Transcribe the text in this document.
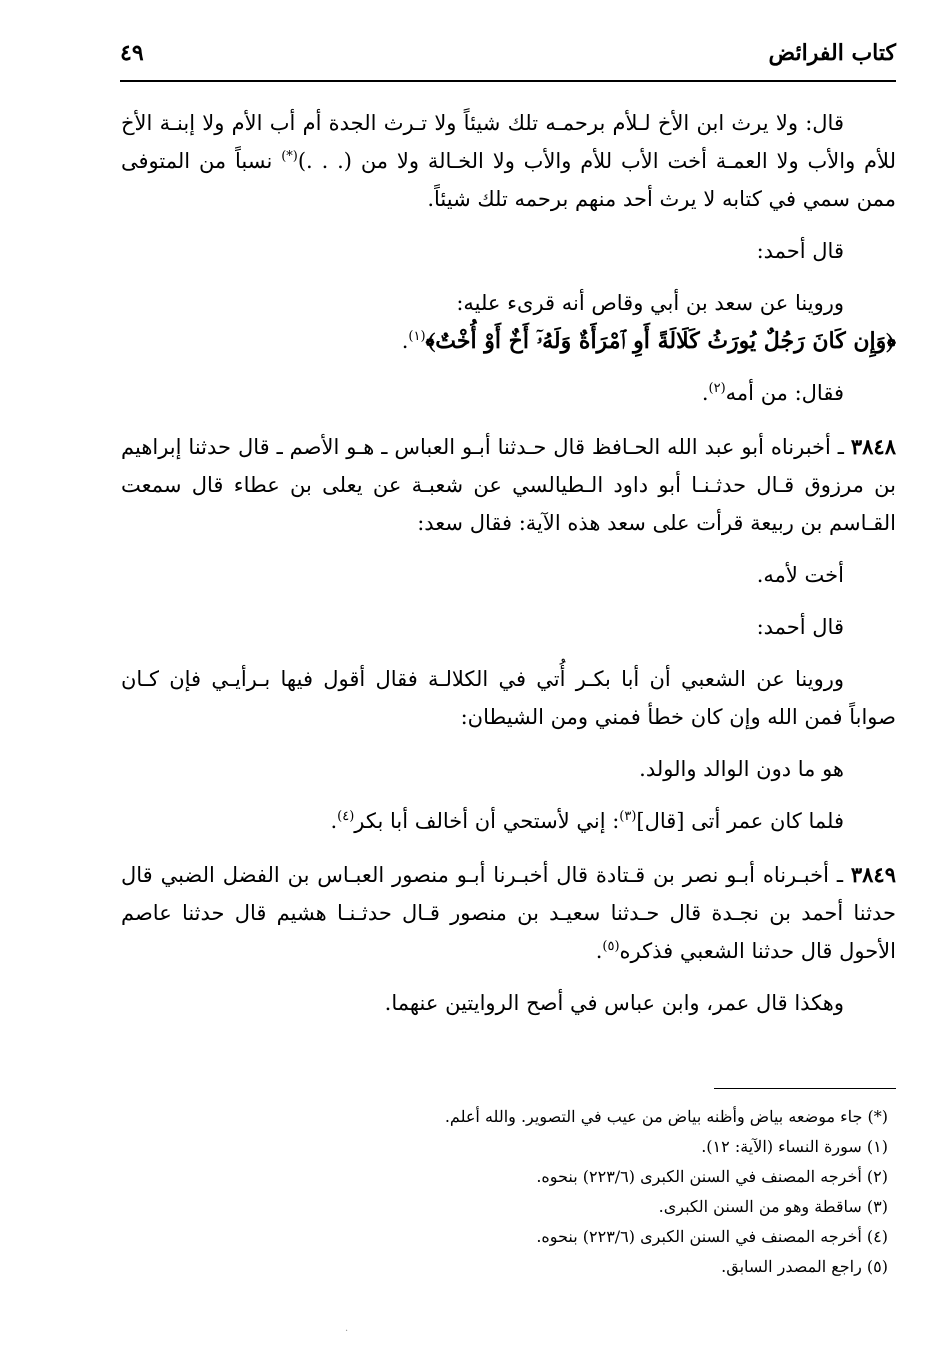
كتاب الفرائض
٤٩

قال: ولا يرث ابن الأخ لـلأم برحمـه تلك شيئاً ولا تـرث الجدة أم أب الأم ولا إبنـة الأخ للأم والأب ولا العمـة أخت الأب للأم والأب ولا الخـالة ولا من (. . .)(*) نسباً من المتوفى ممن سمي في كتابه لا يرث أحد منهم برحمه تلك شيئاً.

قال أحمد:

وروينا عن سعد بن أبي وقاص أنه قرىء عليه:

﴿وَإِن كَانَ رَجُلٌ يُورَثُ كَلَالَةً أَوِ ٱمْرَأَةٌ وَلَهُۥٓ أَخٌ أَوْ أُخْتٌ﴾$^{(١)}$.

فقال: من أمه$^{(٢)}$.

٣٨٤٨ ـ أخبرناه أبو عبد الله الحـافظ قال حـدثنا أبـو العباس ـ هـو الأصم ـ قال حدثنا إبراهيم بن مرزوق قـال حدثـنـا أبو داود الـطيالسي عن شعبـة عن يعلى بن عطاء قال سمعت القـاسم بن ربيعة قرأت على سعد هذه الآية: فقال سعد:

أخت لأمه.

قال أحمد:

وروينا عن الشعبي أن أبا بكـر أُتي في الكلالـة فقال أقول فيها بـرأيـي فإن كـان صواباً فمن الله وإن كان خطأ فمني ومن الشيطان:

هو ما دون الوالد والولد.

فلما كان عمر أتى [قال]$^{(٣)}$: إني لأستحي أن أخالف أبا بكر$^{(٤)}$.

٣٨٤٩ ـ أخبـرناه أبـو نصر بن قـتادة قال أخبـرنا أبـو منصور العبـاس بن الفضل الضبي قال حدثنا أحمد بن نجـدة قال حـدثنا سعيـد بن منصور قـال حدثـنـا هشيم قال حدثنا عاصم الأحول قال حدثنا الشعبي فذكره$^{(٥)}$.

وهكذا قال عمر، وابن عباس في أصح الروايتين عنهما.

(*) جاء موضعه بياض وأظنه بياض من عيب في التصوير. والله أعلم.

(١) سورة النساء (الآية: ١٢).

(٢) أخرجه المصنف في السنن الكبرى (٢٢٣/٦) بنحوه.

(٣) ساقطة وهو من السنن الكبرى.

(٤) أخرجه المصنف في السنن الكبرى (٢٢٣/٦) بنحوه.

(٥) راجع المصدر السابق.

·
